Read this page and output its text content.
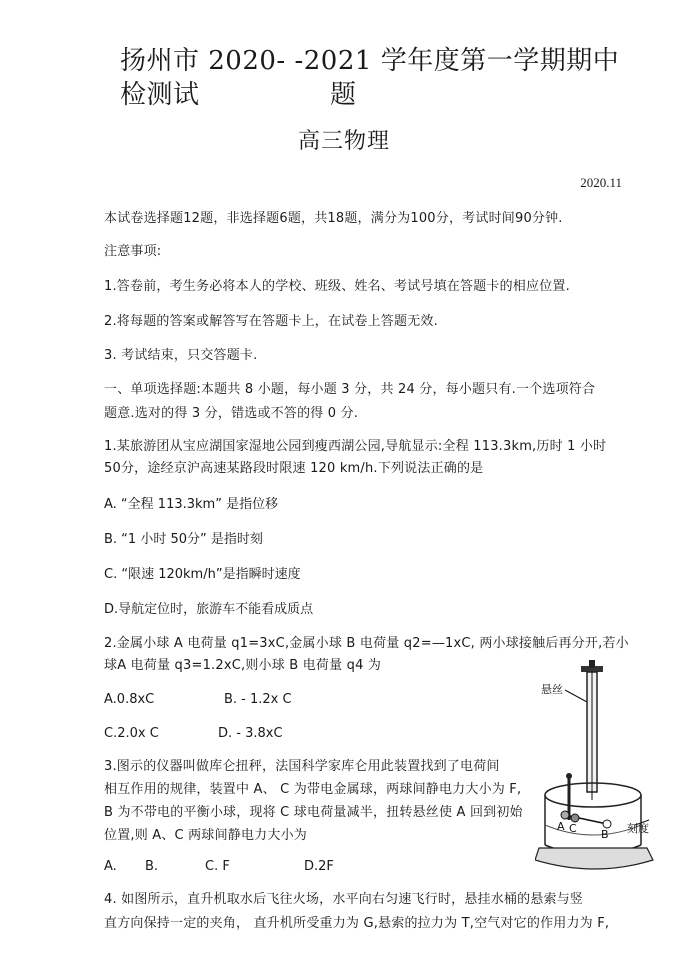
扬州市 2020- -2021 学年度第一学期期中检测试	题
高三物理
2020.11
本试卷选择题12题，非选择题6题，共18题，满分为100分，考试时间90分钟.
注意事项:
1.答卷前，考生务必将本人的学校、班级、姓名、考试号填在答题卡的相应位置.
2.将每题的答案或解答写在答题卡上，在试卷上答题无效.
3. 考试结束，只交答题卡.
一、单项选择题:本题共 8 小题，每小题 3 分，共 24 分，每小题只有.一个选项符合
题意.选对的得 3 分，错选或不答的得 0 分.
1.某旅游团从宝应湖国家湿地公园到瘦西湖公园,导航显示:全程 113.3km,历时 1 小时
50分，途经京沪高速某路段时限速 120 km/h.下列说法正确的是
A. “全程 113.3km” 是指位移
B. “1 小时 50分” 是指时刻
C. “限速 120km/h”是指瞬时速度
D.导航定位时，旅游车不能看成质点
2.金属小球 A 电荷量 q1=3xC,金属小球 B 电荷量 q2=—1xC, 两小球接触后再分开,若小
球A 电荷量 q3=1.2xC,则小球 B 电荷量 q4 为
A.0.8xC	B. - 1.2x C
C.2.0x C	D. - 3.8xC
3.图示的仪器叫做库仑扭秤，法国科学家库仑用此装置找到了电荷间
相互作用的规律，装置中 A、 C 为带电金属球，两球间静电力大小为 F,
B 为不带电的平衡小球，现将 C 球电荷量减半，扭转悬丝使 A 回到初始
位置,则 A、C 两球间静电力大小为
A. B.	C. F	D.2F
悬丝
A C B 刻度
4. 如图所示，直升机取水后飞往火场，水平向右匀速飞行时，悬挂水桶的悬索与竖
直方向保持一定的夹角， 直升机所受重力为 G,悬索的拉力为 T,空气对它的作用力为 F,
